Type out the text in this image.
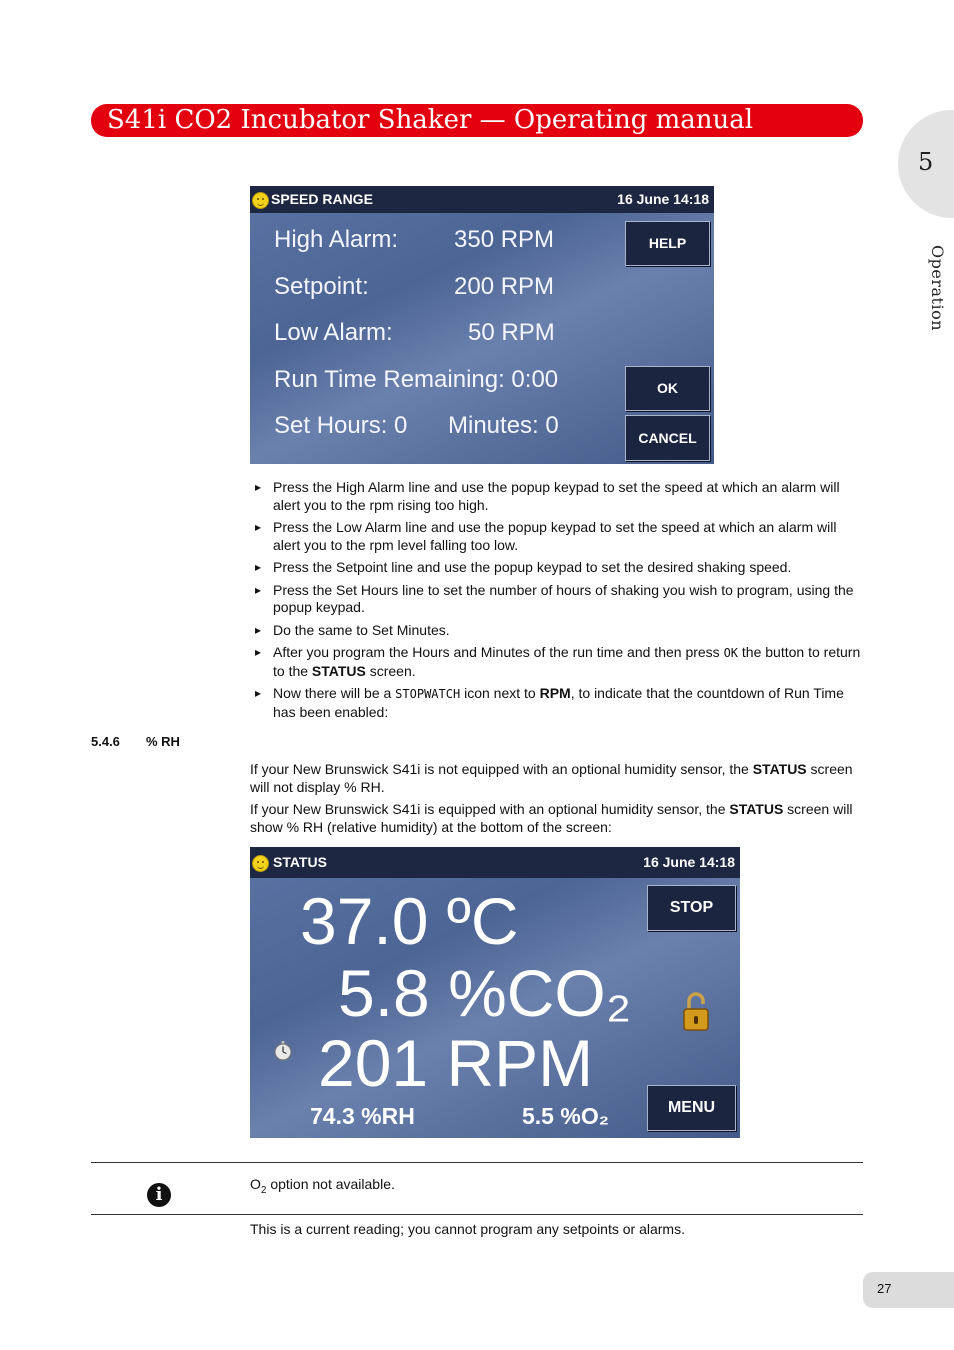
S41i CO2 Incubator Shaker — Operating manual
5
Operation
SPEED RANGE	16 June 14:18
High Alarm: 350 RPM
Setpoint:	200 RPM
Low Alarm:	50 RPM
Run Time Remaining: 0:00
Set Hours: 0 Minutes: 0
HELP
OK
CANCEL
▸ Press the High Alarm line and use the popup keypad to set the speed at which an alarm will alert you to the rpm rising too high.
▸ Press the Low Alarm line and use the popup keypad to set the speed at which an alarm will alert you to the rpm level falling too low.
▸ Press the Setpoint line and use the popup keypad to set the desired shaking speed.
▸ Press the Set Hours line to set the number of hours of shaking you wish to program, using the popup keypad.
▸ Do the same to Set Minutes.
▸ After you program the Hours and Minutes of the run time and then press OK the button to return to the STATUS screen.
▸ Now there will be a STOPWATCH icon next to RPM, to indicate that the countdown of Run Time has been enabled:
5.4.6 % RH
If your New Brunswick S41i is not equipped with an optional humidity sensor, the STATUS screen will not display % RH.
If your New Brunswick S41i is equipped with an optional humidity sensor, the STATUS screen will show % RH (relative humidity) at the bottom of the screen:
STATUS	16 June 14:18
37.0 ºC
5.8 %CO₂
201 RPM
74.3 %RH	5.5 %O₂
STOP
MENU
i	$O_2$ option not available.
This is a current reading; you cannot program any setpoints or alarms.
27
